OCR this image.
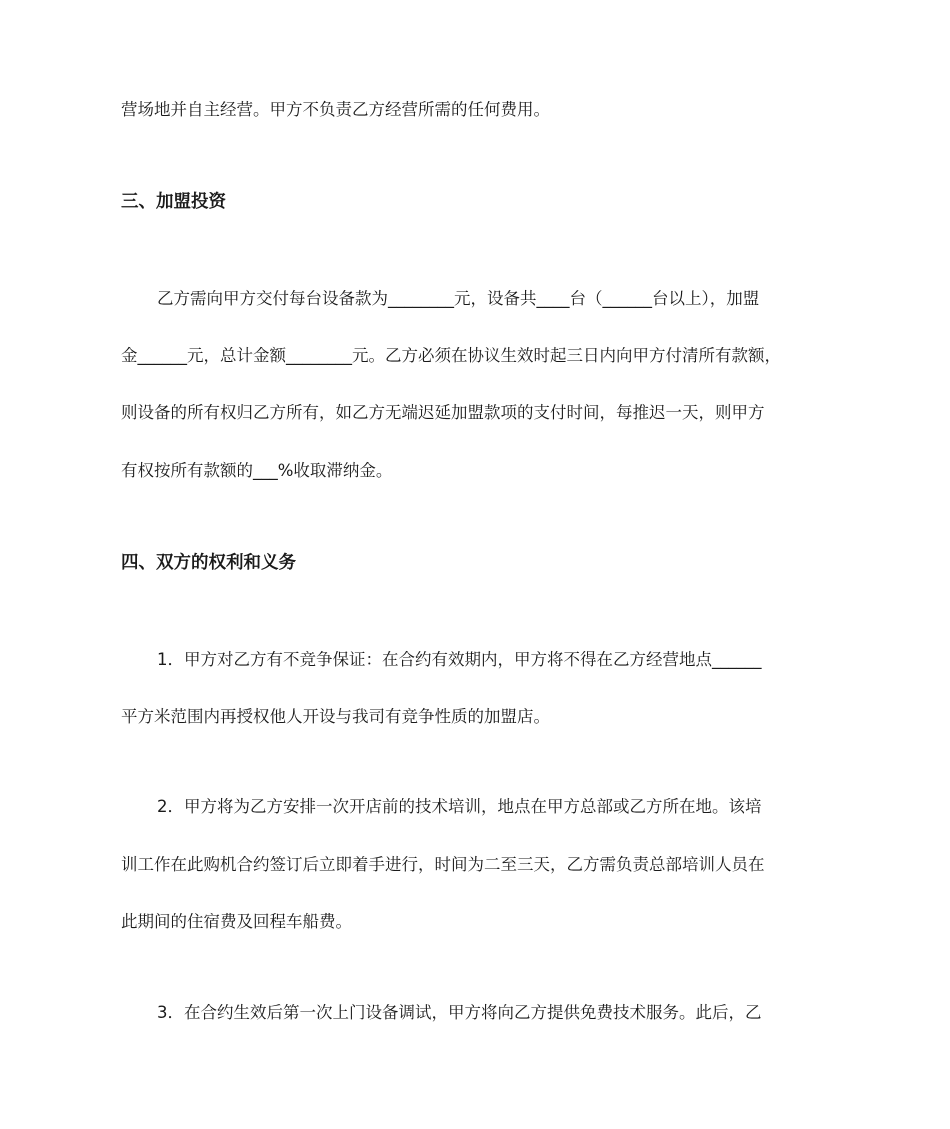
营场地并自主经营。甲方不负责乙方经营所需的任何费用。
三、加盟投资
乙方需向甲方交付每台设备款为________元，设备共____台（______台以上），加盟
金______元，总计金额________元。乙方必须在协议生效时起三日内向甲方付清所有款额，
则设备的所有权归乙方所有，如乙方无端迟延加盟款项的支付时间，每推迟一天，则甲方
有权按所有款额的___%收取滞纳金。
四、双方的权利和义务
1．甲方对乙方有不竞争保证：在合约有效期内，甲方将不得在乙方经营地点______
平方米范围内再授权他人开设与我司有竞争性质的加盟店。
2．甲方将为乙方安排一次开店前的技术培训，地点在甲方总部或乙方所在地。该培
训工作在此购机合约签订后立即着手进行，时间为二至三天，乙方需负责总部培训人员在
此期间的住宿费及回程车船费。
3．在合约生效后第一次上门设备调试，甲方将向乙方提供免费技术服务。此后，乙
